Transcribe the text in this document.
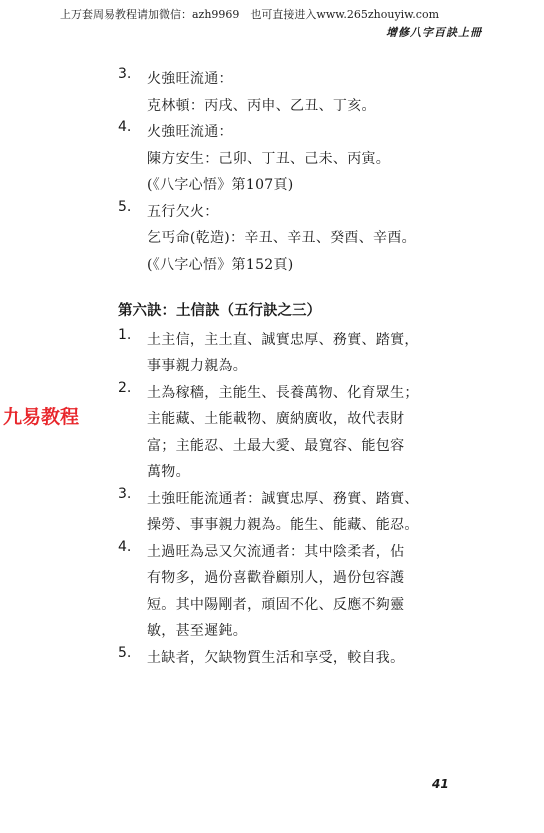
上万套周易教程请加微信：azh9969　也可直接进入www.265zhouyiw.com
增修八字百訣上冊
九易教程
3. 火強旺流通：
克林頓：丙戌、丙申、乙丑、丁亥。
4. 火強旺流通：
陳方安生：己卯、丁丑、己未、丙寅。
(《八字心悟》第107頁)
5. 五行欠火：
乞丐命(乾造)：辛丑、辛丑、癸酉、辛酉。
(《八字心悟》第152頁)
第六訣：土信訣（五行訣之三）
1. 土主信，主土直、誠實忠厚、務實、踏實，
事事親力親為。
2. 土為稼穡，主能生、長養萬物、化育眾生；
主能藏、土能載物、廣納廣收，故代表財
富；主能忍、土最大愛、最寬容、能包容
萬物。
3. 土強旺能流通者：誠實忠厚、務實、踏實、
操勞、事事親力親為。能生、能藏、能忍。
4. 土過旺為忌又欠流通者：其中陰柔者，佔
有物多，過份喜歡眷顧別人，過份包容護
短。其中陽剛者，頑固不化、反應不夠靈
敏，甚至遲鈍。
5. 土缺者，欠缺物質生活和享受，較自我。
41
